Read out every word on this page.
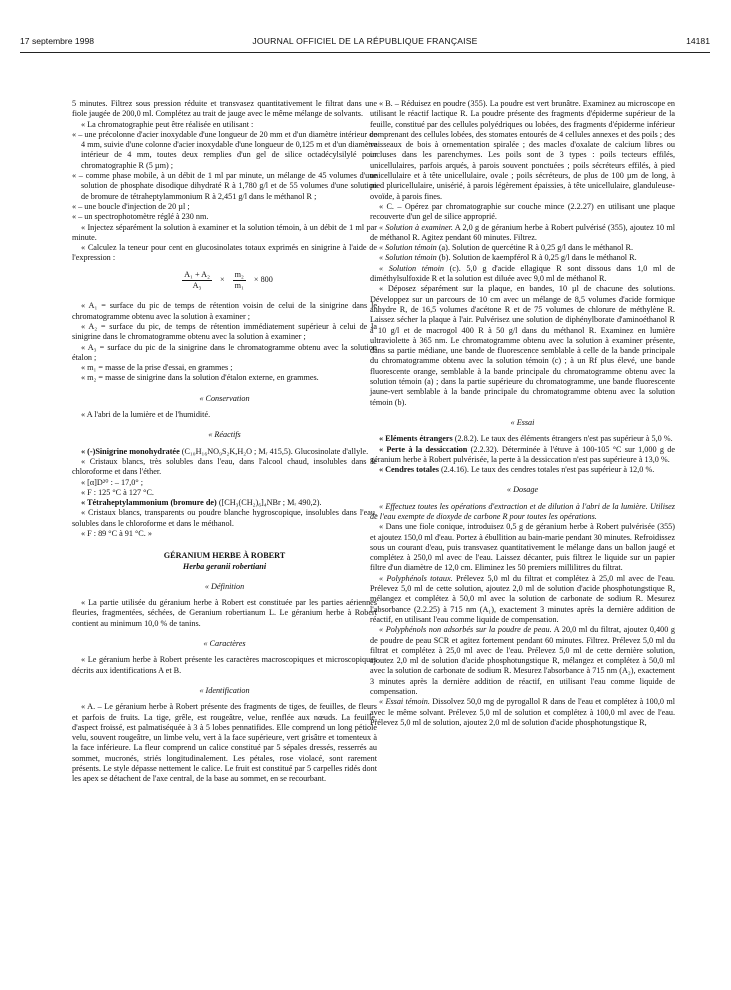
17 septembre 1998	JOURNAL OFFICIEL DE LA RÉPUBLIQUE FRANÇAISE	14181

5 minutes. Filtrez sous pression réduite et transvasez quantitativement le filtrat dans une fiole jaugée de 200,0 ml. Complétez au trait de jauge avec le même mélange de solvants.

« La chromatographie peut être réalisée en utilisant :

« – une précolonne d'acier inoxydable d'une longueur de 20 mm et d'un diamètre intérieur de 4 mm, suivie d'une colonne d'acier inoxydable d'une longueur de 0,125 m et d'un diamètre intérieur de 4 mm, toutes deux remplies d'un gel de silice octadécylsilylé pour chromatographie R (5 µm) ;

« – comme phase mobile, à un débit de 1 ml par minute, un mélange de 45 volumes d'une solution de phosphate disodique dihydraté R à 1,780 g/l et de 55 volumes d'une solution de bromure de tétraheptylammonium R à 2,451 g/l dans le méthanol R ;

« – une boucle d'injection de 20 µl ;

« – un spectrophotomètre réglé à 230 nm.

« Injectez séparément la solution à examiner et la solution témoin, à un débit de 1 ml par minute.

« Calculez la teneur pour cent en glucosinolates totaux exprimés en sinigrine à l'aide de l'expression :

$\frac{\text{A₁ + A₂}}{\text{A₃}} \times \frac{\text{m₂}}{\text{m₁}} \times 800$

« A₁ = surface du pic de temps de rétention voisin de celui de la sinigrine dans le chromatogramme obtenu avec la solution à examiner ;

« A₂ = surface du pic, de temps de rétention immédiatement supérieur à celui de la sinigrine dans le chromatogramme obtenu avec la solution à examiner ;

« A₃ = surface du pic de la sinigrine dans le chromatogramme obtenu avec la solution étalon ;

« m₁ = masse de la prise d'essai, en grammes ;

« m₂ = masse de sinigrine dans la solution d'étalon externe, en grammes.

« Conservation

« A l'abri de la lumière et de l'humidité.

« Réactifs

« (-)Sinigrine monohydratée (C₁₀H₁₆NO₉S₂K,H₂O ; Mᵣ 415,5). Glucosinolate d'allyle.

« Cristaux blancs, très solubles dans l'eau, dans l'alcool chaud, insolubles dans le chloroforme et dans l'éther.

« [α]D²⁰ : – 17,0° ;

« F : 125 °C à 127 °C.

« Tétraheptylammonium (bromure de) ([CH₃(CH₂)₆]₄NBr ; Mᵣ 490,2).

« Cristaux blancs, transparents ou poudre blanche hygroscopique, insolubles dans l'eau, solubles dans le chloroforme et dans le méthanol.

« F : 89 °C à 91 °C. »

GÉRANIUM HERBE À ROBERT
Herba geranii robertiani
« Définition

« La partie utilisée du géranium herbe à Robert est constituée par les parties aériennes fleuries, fragmentées, séchées, de Geranium robertianum L. Le géranium herbe à Robert contient au minimum 10,0 % de tanins.

« Caractères

« Le géranium herbe à Robert présente les caractères macroscopiques et microscopiques décrits aux identifications A et B.

« Identification

« A. – Le géranium herbe à Robert présente des fragments de tiges, de feuilles, de fleurs et parfois de fruits. La tige, grêle, est rougeâtre, velue, renflée aux nœuds. La feuille, d'aspect froissé, est palmatiséquée à 3 à 5 lobes pennatifides. Elle comprend un long pétiole velu, souvent rougeâtre, un limbe velu, vert à la face supérieure, vert grisâtre et tomenteux à la face inférieure. La fleur comprend un calice constitué par 5 sépales dressés, resserrés au sommet, mucronés, striés longitudinalement. Les pétales, rose violacé, sont rarement présents. Le style dépasse nettement le calice. Le fruit est constitué par 5 carpelles ridés dont les apex se détachent de l'axe central, de la base au sommet, en se recourbant.

« B. – Réduisez en poudre (355). La poudre est vert brunâtre. Examinez au microscope en utilisant le réactif lactique R. La poudre présente des fragments d'épiderme supérieur de la feuille, constitué par des cellules polyédriques ou lobées, des fragments d'épiderme inférieur comprenant des cellules lobées, des stomates entourés de 4 cellules annexes et des poils ; des vaisseaux de bois à ornementation spiralée ; des macles d'oxalate de calcium libres ou incluses dans les parenchymes. Les poils sont de 3 types : poils tecteurs effilés, unicellulaires, parfois arqués, à parois souvent ponctuées ; poils sécréteurs effilés, à pied unicellulaire et à tête unicellulaire, ovale ; poils sécréteurs, de plus de 100 µm de long, à pied pluricellulaire, unisérié, à parois légèrement épaissies, à tête unicellulaire, glanduleuse-ovoïde, à parois fines.

« C. – Opérez par chromatographie sur couche mince (2.2.27) en utilisant une plaque recouverte d'un gel de silice approprié.

« Solution à examiner. A 2,0 g de géranium herbe à Robert pulvérisé (355), ajoutez 10 ml de méthanol R. Agitez pendant 60 minutes. Filtrez.

« Solution témoin (a). Solution de quercétine R à 0,25 g/l dans le méthanol R.

« Solution témoin (b). Solution de kaempférol R à 0,25 g/l dans le méthanol R.

« Solution témoin (c). 5,0 g d'acide ellagique R sont dissous dans 1,0 ml de diméthylsulfoxide R et la solution est diluée avec 9,0 ml de méthanol R.

« Déposez séparément sur la plaque, en bandes, 10 µl de chacune des solutions. Développez sur un parcours de 10 cm avec un mélange de 8,5 volumes d'acide formique anhydre R, de 16,5 volumes d'acétone R et de 75 volumes de chlorure de méthylène R. Laissez sécher la plaque à l'air. Pulvérisez une solution de diphénylborate d'aminoéthanol R à 10 g/l et de macrogol 400 R à 50 g/l dans du méthanol R. Examinez en lumière ultraviolette à 365 nm. Le chromatogramme obtenu avec la solution à examiner présente, dans sa partie médiane, une bande de fluorescence semblable à celle de la bande principale du chromatogramme obtenu avec la solution témoin (c) ; à un Rf plus élevé, une bande fluorescente orange, semblable à la bande principale du chromatogramme obtenu avec la solution témoin (a) ; dans la partie supérieure du chromatogramme, une bande fluorescente jaune-vert semblable à la bande principale du chromatogramme obtenu avec la solution témoin (b).

« Essai

« Eléments étrangers (2.8.2). Le taux des éléments étrangers n'est pas supérieur à 5,0 %.

« Perte à la dessiccation (2.2.32). Déterminée à l'étuve à 100-105 °C sur 1,000 g de géranium herbe à Robert pulvérisée, la perte à la dessiccation n'est pas supérieure à 13,0 %.

« Cendres totales (2.4.16). Le taux des cendres totales n'est pas supérieur à 12,0 %.

« Dosage

« Effectuez toutes les opérations d'extraction et de dilution à l'abri de la lumière. Utilisez de l'eau exempte de dioxyde de carbone R pour toutes les opérations.

« Dans une fiole conique, introduisez 0,5 g de géranium herbe à Robert pulvérisée (355) et ajoutez 150,0 ml d'eau. Portez à ébullition au bain-marie pendant 30 minutes. Refroidissez sous un courant d'eau, puis transvasez quantitativement le mélange dans un ballon jaugé et complétez à 250,0 ml avec de l'eau. Laissez décanter, puis filtrez le liquide sur un papier filtre d'un diamètre de 12,0 cm. Eliminez les 50 premiers millilitres du filtrat.

« Polyphénols totaux. Prélevez 5,0 ml du filtrat et complétez à 25,0 ml avec de l'eau. Prélevez 5,0 ml de cette solution, ajoutez 2,0 ml de solution d'acide phosphotungstique R, mélangez et complétez à 50,0 ml avec la solution de carbonate de sodium R. Mesurez l'absorbance (2.2.25) à 715 nm (A₁), exactement 3 minutes après la dernière addition de réactif, en utilisant l'eau comme liquide de compensation.

« Polyphénols non adsorbés sur la poudre de peau. A 20,0 ml du filtrat, ajoutez 0,400 g de poudre de peau SCR et agitez fortement pendant 60 minutes. Filtrez. Prélevez 5,0 ml du filtrat et complétez à 25,0 ml avec de l'eau. Prélevez 5,0 ml de cette dernière solution, ajoutez 2,0 ml de solution d'acide phosphotungstique R, mélangez et complétez à 50,0 ml avec la solution de carbonate de sodium R. Mesurez l'absorbance à 715 nm (A₂), exactement 3 minutes après la dernière addition de réactif, en utilisant l'eau comme liquide de compensation.

« Essai témoin. Dissolvez 50,0 mg de pyrogallol R dans de l'eau et complétez à 100,0 ml avec le même solvant. Prélevez 5,0 ml de solution et complétez à 100,0 ml avec de l'eau. Prélevez 5,0 ml de solution, ajoutez 2,0 ml de solution d'acide phosphotungstique R,
